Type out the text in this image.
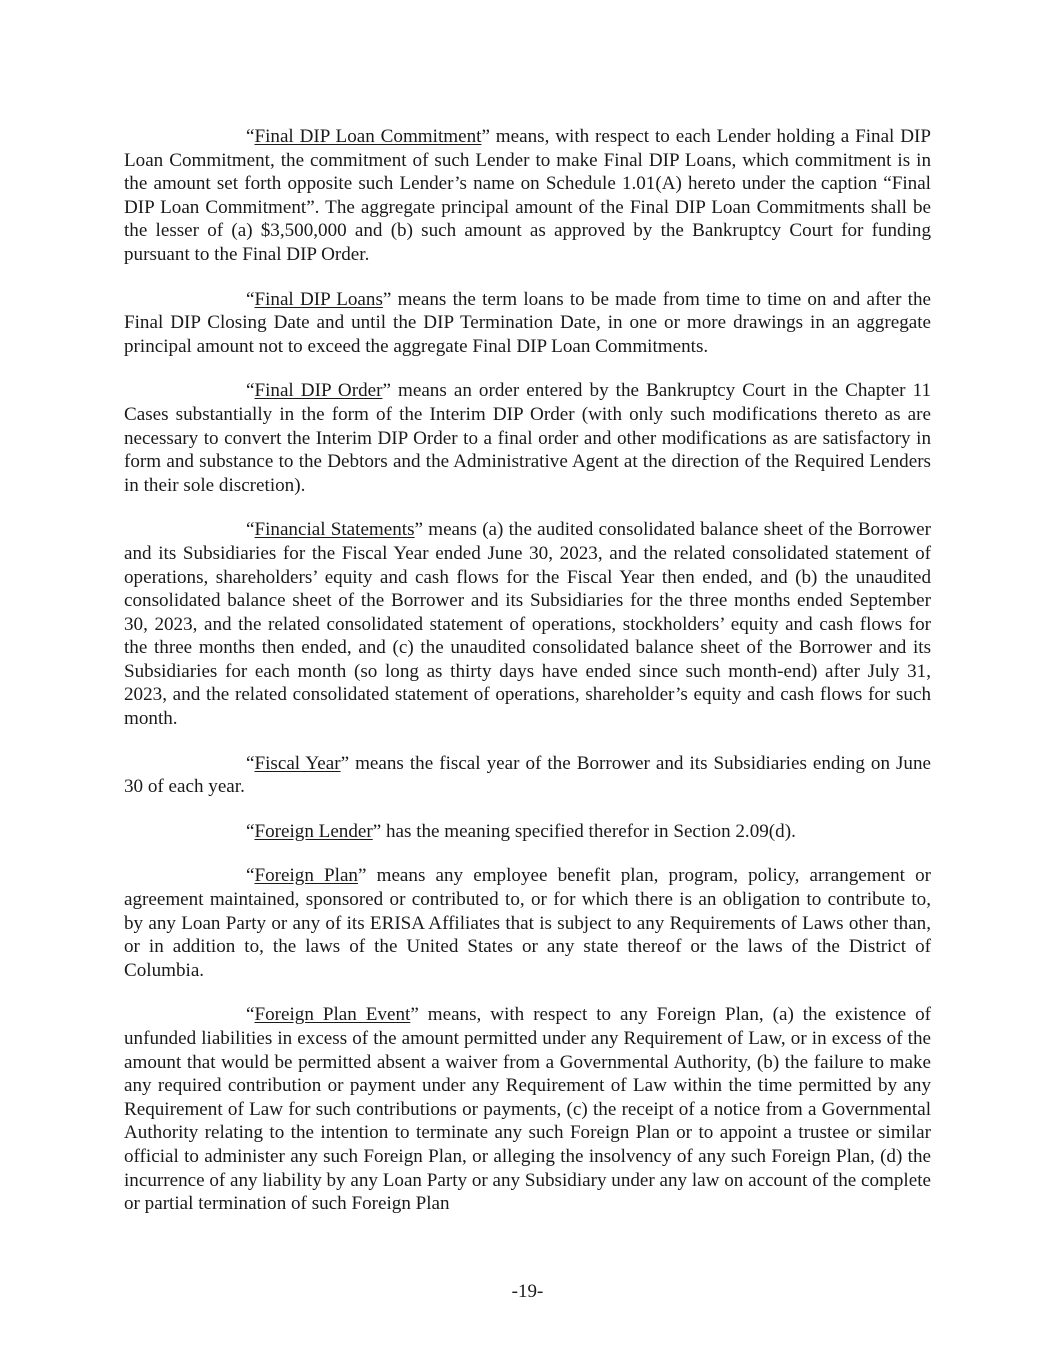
“Final DIP Loan Commitment” means, with respect to each Lender holding a Final DIP Loan Commitment, the commitment of such Lender to make Final DIP Loans, which commitment is in the amount set forth opposite such Lender’s name on Schedule 1.01(A) hereto under the caption “Final DIP Loan Commitment”. The aggregate principal amount of the Final DIP Loan Commitments shall be the lesser of (a) $3,500,000 and (b) such amount as approved by the Bankruptcy Court for funding pursuant to the Final DIP Order.

“Final DIP Loans” means the term loans to be made from time to time on and after the Final DIP Closing Date and until the DIP Termination Date, in one or more drawings in an aggregate principal amount not to exceed the aggregate Final DIP Loan Commitments.

“Final DIP Order” means an order entered by the Bankruptcy Court in the Chapter 11 Cases substantially in the form of the Interim DIP Order (with only such modifications thereto as are necessary to convert the Interim DIP Order to a final order and other modifications as are satisfactory in form and substance to the Debtors and the Administrative Agent at the direction of the Required Lenders in their sole discretion).

“Financial Statements” means (a) the audited consolidated balance sheet of the Borrower and its Subsidiaries for the Fiscal Year ended June 30, 2023, and the related consolidated statement of operations, shareholders’ equity and cash flows for the Fiscal Year then ended, and (b) the unaudited consolidated balance sheet of the Borrower and its Subsidiaries for the three months ended September 30, 2023, and the related consolidated statement of operations, stockholders’ equity and cash flows for the three months then ended, and (c) the unaudited consolidated balance sheet of the Borrower and its Subsidiaries for each month (so long as thirty days have ended since such month-end) after July 31, 2023, and the related consolidated statement of operations, shareholder’s equity and cash flows for such month.

“Fiscal Year” means the fiscal year of the Borrower and its Subsidiaries ending on June 30 of each year.

“Foreign Lender” has the meaning specified therefor in Section 2.09(d).

“Foreign Plan” means any employee benefit plan, program, policy, arrangement or agreement maintained, sponsored or contributed to, or for which there is an obligation to contribute to, by any Loan Party or any of its ERISA Affiliates that is subject to any Requirements of Laws other than, or in addition to, the laws of the United States or any state thereof or the laws of the District of Columbia.

“Foreign Plan Event” means, with respect to any Foreign Plan, (a) the existence of unfunded liabilities in excess of the amount permitted under any Requirement of Law, or in excess of the amount that would be permitted absent a waiver from a Governmental Authority, (b) the failure to make any required contribution or payment under any Requirement of Law within the time permitted by any Requirement of Law for such contributions or payments, (c) the receipt of a notice from a Governmental Authority relating to the intention to terminate any such Foreign Plan or to appoint a trustee or similar official to administer any such Foreign Plan, or alleging the insolvency of any such Foreign Plan, (d) the incurrence of any liability by any Loan Party or any Subsidiary under any law on account of the complete or partial termination of such Foreign Plan

-19-
